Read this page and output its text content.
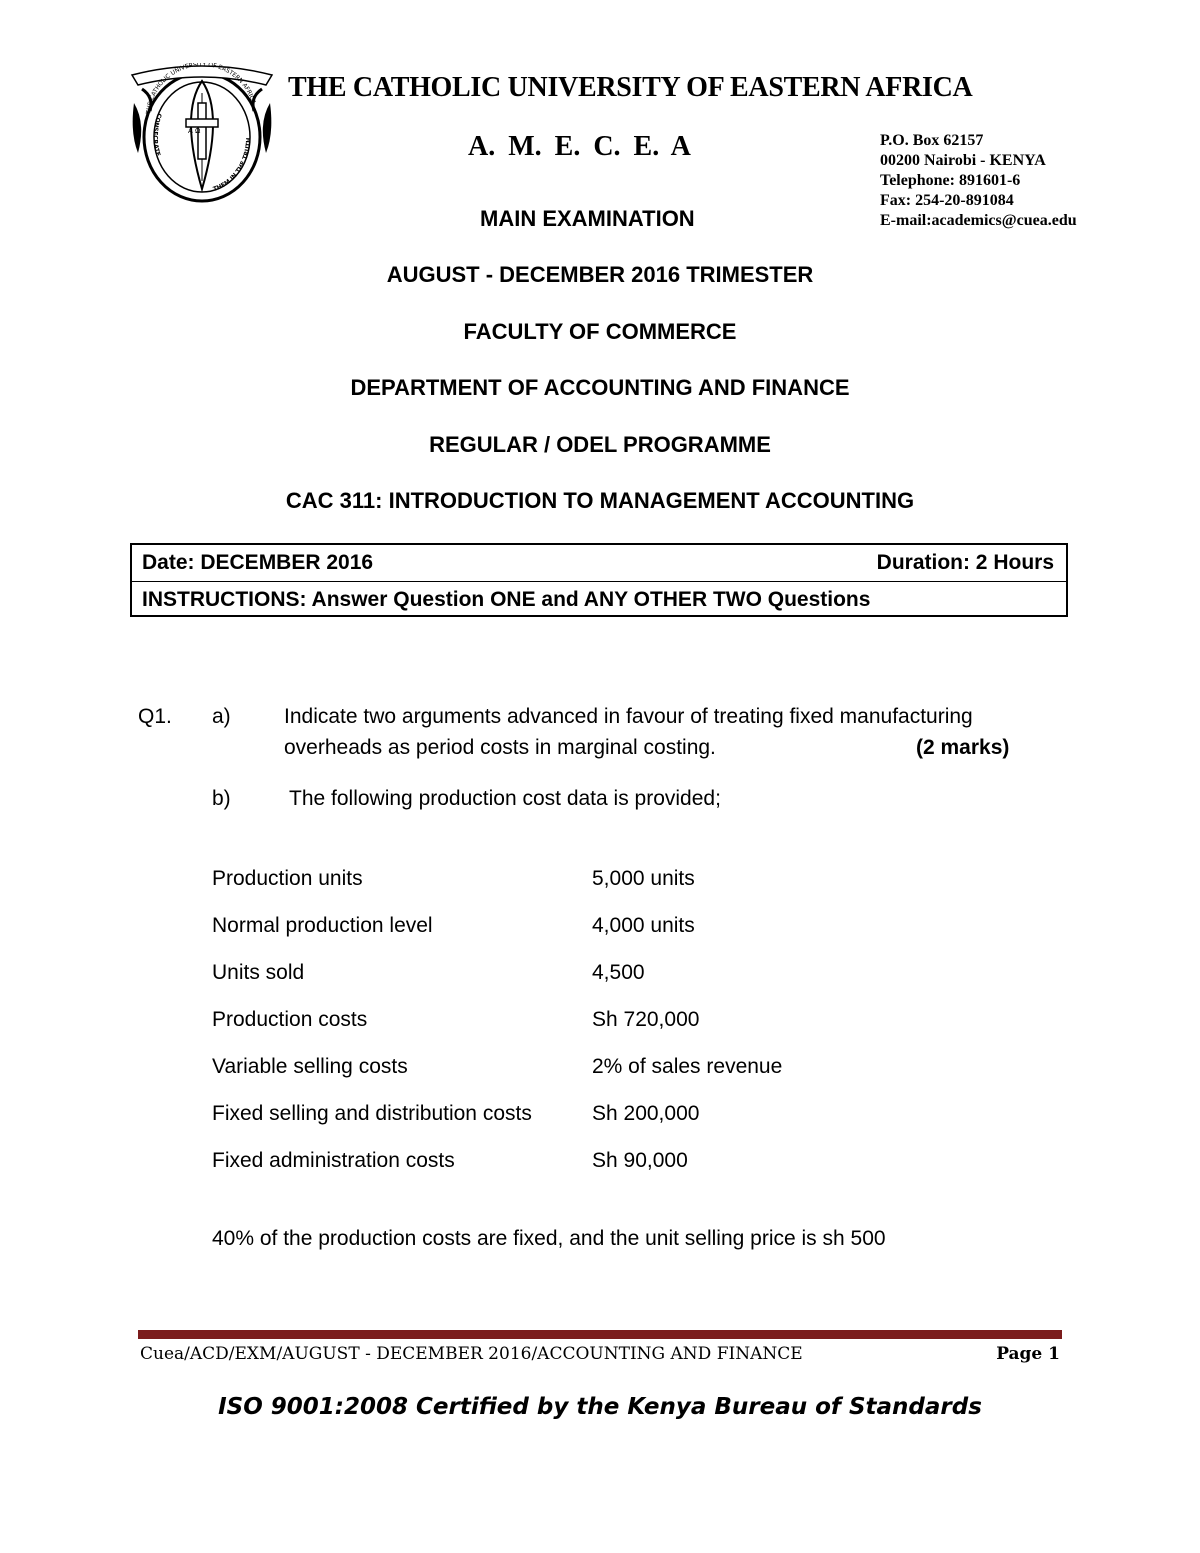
THE CATHOLIC UNIVERSITY OF EASTERN AFRICA
A Ω
CONSECRATE
THEM IN THE TRUTH
THE CATHOLIC UNIVERSITY OF EASTERN AFRICA
A. M. E. C. E. A	P.O. Box 62157
00200 Nairobi - KENYA
Telephone: 891601-6
Fax: 254-20-891084
E-mail:academics@cuea.edu
MAIN EXAMINATION
AUGUST - DECEMBER 2016 TRIMESTER
FACULTY OF COMMERCE
DEPARTMENT OF ACCOUNTING AND FINANCE
REGULAR / ODEL PROGRAMME
CAC 311: INTRODUCTION TO MANAGEMENT ACCOUNTING
Date: DECEMBER 2016	Duration: 2 Hours
INSTRUCTIONS: Answer Question ONE and ANY OTHER TWO Questions
Q1. a)	Indicate two arguments advanced in favour of treating fixed manufacturing
overheads as period costs in marginal costing.	(2 marks)
b)	The following production cost data is provided;
Production units	5,000 units
Normal production level	4,000 units
Units sold	4,500
Production costs	Sh 720,000
Variable selling costs	2% of sales revenue
Fixed selling and distribution costs	Sh 200,000
Fixed administration costs	Sh 90,000
40% of the production costs are fixed, and the unit selling price is sh 500
Cuea/ACD/EXM/AUGUST - DECEMBER 2016/ACCOUNTING AND FINANCE	Page 1
ISO 9001:2008 Certified by the Kenya Bureau of Standards
